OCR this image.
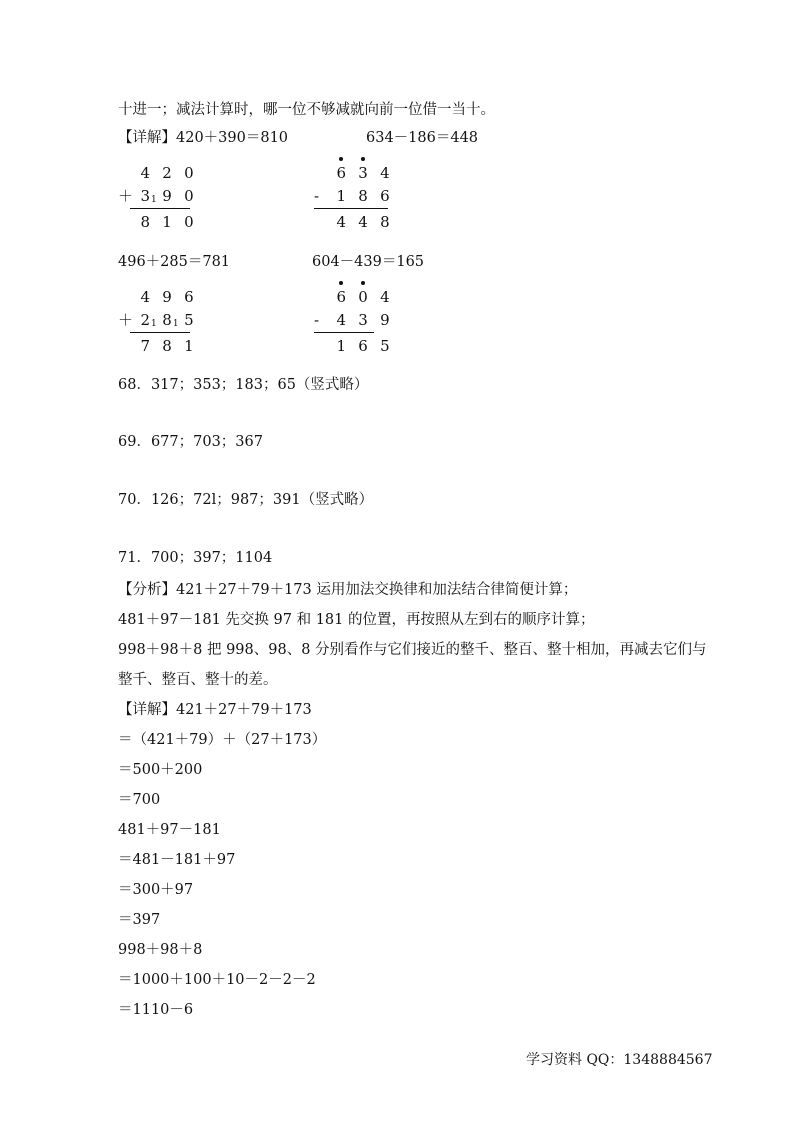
十进一；减法计算时，哪一位不够减就向前一位借一当十。
【详解】420＋390＝810	634－186＝448
4 2 0
＋ 3 1 9 0
8 1 0

6 3 4
- 1 8 6
4 4 8
496＋285＝781	604－439＝165
4 9 6
＋ 2 1 8 1 5
7 8 1

6 0 4
- 4 3 9
1 6 5
68．317；353；183；65（竖式略）
69．677；703；367
70．126；72l；987；391（竖式略）
71．700；397；1104
【分析】421＋27＋79＋173 运用加法交换律和加法结合律简便计算；
481＋97－181 先交换 97 和 181 的位置，再按照从左到右的顺序计算；
998＋98＋8 把 998、98、8 分别看作与它们接近的整千、整百、整十相加，再减去它们与
整千、整百、整十的差。
【详解】421＋27＋79＋173
＝（421＋79）＋（27＋173）
＝500＋200
＝700
481＋97－181
＝481－181＋97
＝300＋97
＝397
998＋98＋8
＝1000＋100＋10－2－2－2
＝1110－6
学习资料 QQ：1348884567
